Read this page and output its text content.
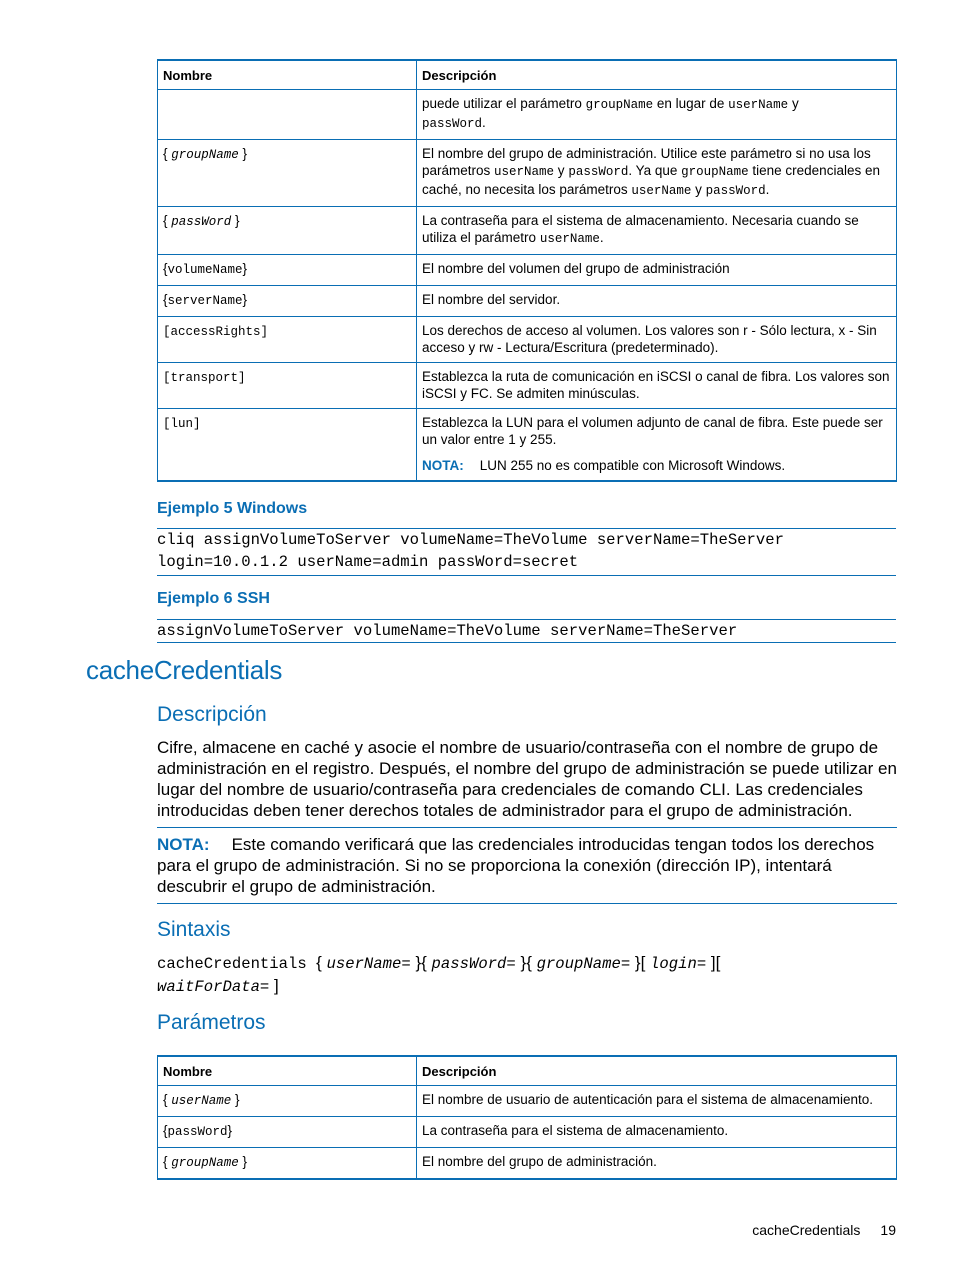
Nombre	Descripción
	puede utilizar el parámetro groupName en lugar de userName y
passWord.
{ groupName }	El nombre del grupo de administración. Utilice este parámetro si no usa los parámetros userName y passWord. Ya que groupName tiene credenciales en caché, no necesita los parámetros userName y passWord.
{ passWord }	La contraseña para el sistema de almacenamiento. Necesaria cuando se utiliza el parámetro userName.
{volumeName}	El nombre del volumen del grupo de administración
{serverName}	El nombre del servidor.
[accessRights]	Los derechos de acceso al volumen. Los valores son r - Sólo lectura, x - Sin acceso y rw - Lectura/Escritura (predeterminado).
[transport]	Establezca la ruta de comunicación en iSCSI o canal de fibra. Los valores son iSCSI y FC. Se admiten minúsculas.
[lun]	Establezca la LUN para el volumen adjunto de canal de fibra. Este puede ser un valor entre 1 y 255.
NOTA: LUN 255 no es compatible con Microsoft Windows.
Ejemplo 5 Windows
cliq assignVolumeToServer volumeName=TheVolume serverName=TheServer
login=10.0.1.2 userName=admin passWord=secret
Ejemplo 6 SSH
assignVolumeToServer volumeName=TheVolume serverName=TheServer
cacheCredentials
Descripción

Cifre, almacene en caché y asocie el nombre de usuario/contraseña con el nombre de grupo de administración en el registro. Después, el nombre del grupo de administración se puede utilizar en lugar del nombre de usuario/contraseña para credenciales de comando CLI. Las credenciales introducidas deben tener derechos totales de administrador para el grupo de administración.

NOTA: Este comando verificará que las credenciales introducidas tengan todos los derechos para el grupo de administración. Si no se proporciona la conexión (dirección IP), intentará descubrir el grupo de administración.
Sintaxis
cacheCredentials { userName= }{ passWord= }{ groupName= }[ login= ][
waitForData= ]
Parámetros
Nombre	Descripción
{ userName }	El nombre de usuario de autenticación para el sistema de almacenamiento.
{passWord}	La contraseña para el sistema de almacenamiento.
{ groupName }	El nombre del grupo de administración.
cacheCredentials 19
